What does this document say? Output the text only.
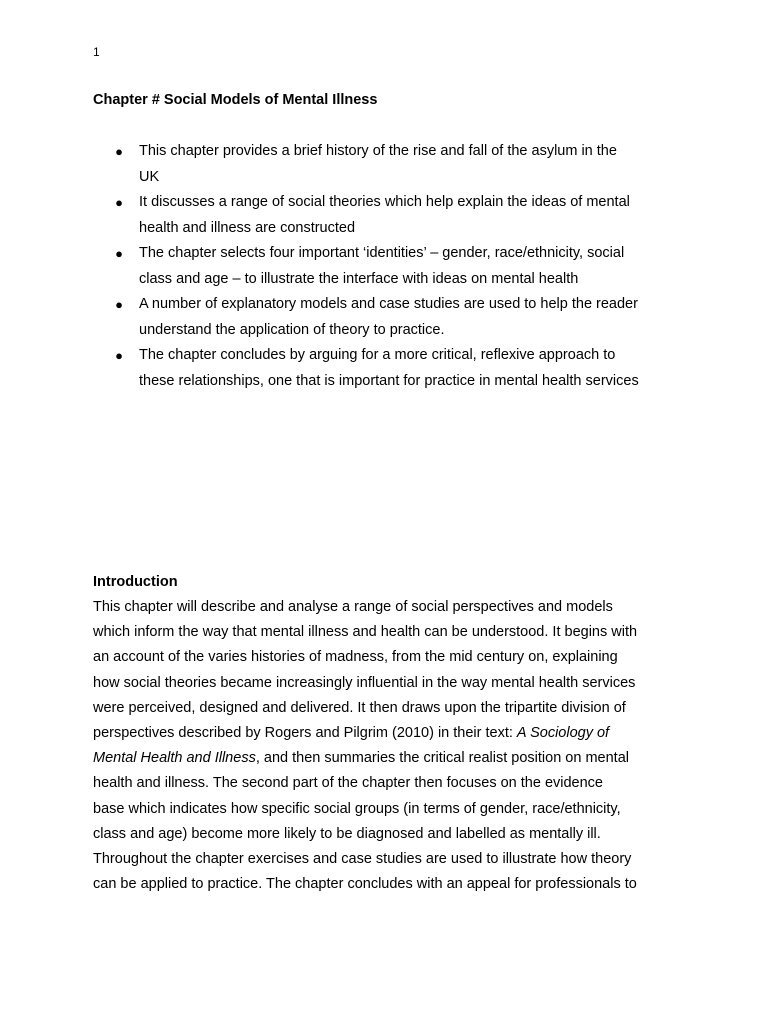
1
Chapter # Social Models of Mental Illness
● This chapter provides a brief history of the rise and fall of the asylum in the
UK
● It discusses a range of social theories which help explain the ideas of mental
health and illness are constructed
● The chapter selects four important ‘identities’ – gender, race/ethnicity, social
class and age – to illustrate the interface with ideas on mental health
● A number of explanatory models and case studies are used to help the reader
understand the application of theory to practice.
● The chapter concludes by arguing for a more critical, reflexive approach to
these relationships, one that is important for practice in mental health services
Introduction

This chapter will describe and analyse a range of social perspectives and models
which inform the way that mental illness and health can be understood. It begins with
an account of the varies histories of madness, from the mid century on, explaining
how social theories became increasingly influential in the way mental health services
were perceived, designed and delivered. It then draws upon the tripartite division of
perspectives described by Rogers and Pilgrim (2010) in their text: A Sociology of
Mental Health and Illness, and then summaries the critical realist position on mental
health and illness. The second part of the chapter then focuses on the evidence
base which indicates how specific social groups (in terms of gender, race/ethnicity,
class and age) become more likely to be diagnosed and labelled as mentally ill.
Throughout the chapter exercises and case studies are used to illustrate how theory
can be applied to practice. The chapter concludes with an appeal for professionals to
